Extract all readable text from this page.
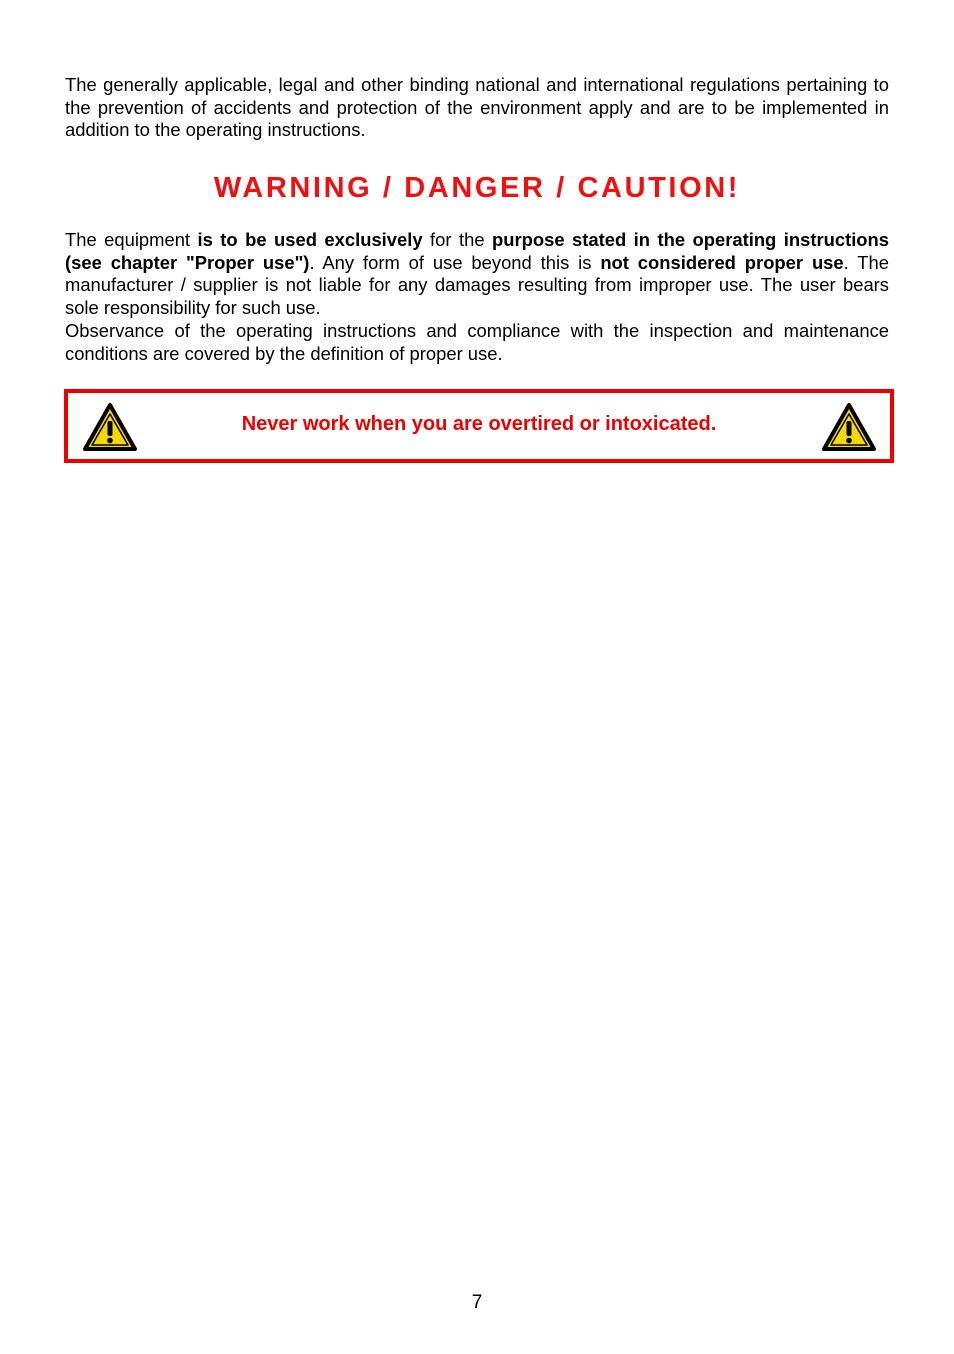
The generally applicable, legal and other binding national and international regulations pertaining to the prevention of accidents and protection of the environment apply and are to be implemented in addition to the operating instructions.

WARNING / DANGER / CAUTION!

The equipment is to be used exclusively for the purpose stated in the operating instructions (see chapter "Proper use"). Any form of use beyond this is not considered proper use. The manufacturer / supplier is not liable for any damages resulting from improper use. The user bears sole responsibility for such use.

Observance of the operating instructions and compliance with the inspection and maintenance conditions are covered by the definition of proper use.

Never work when you are overtired or intoxicated.
7
